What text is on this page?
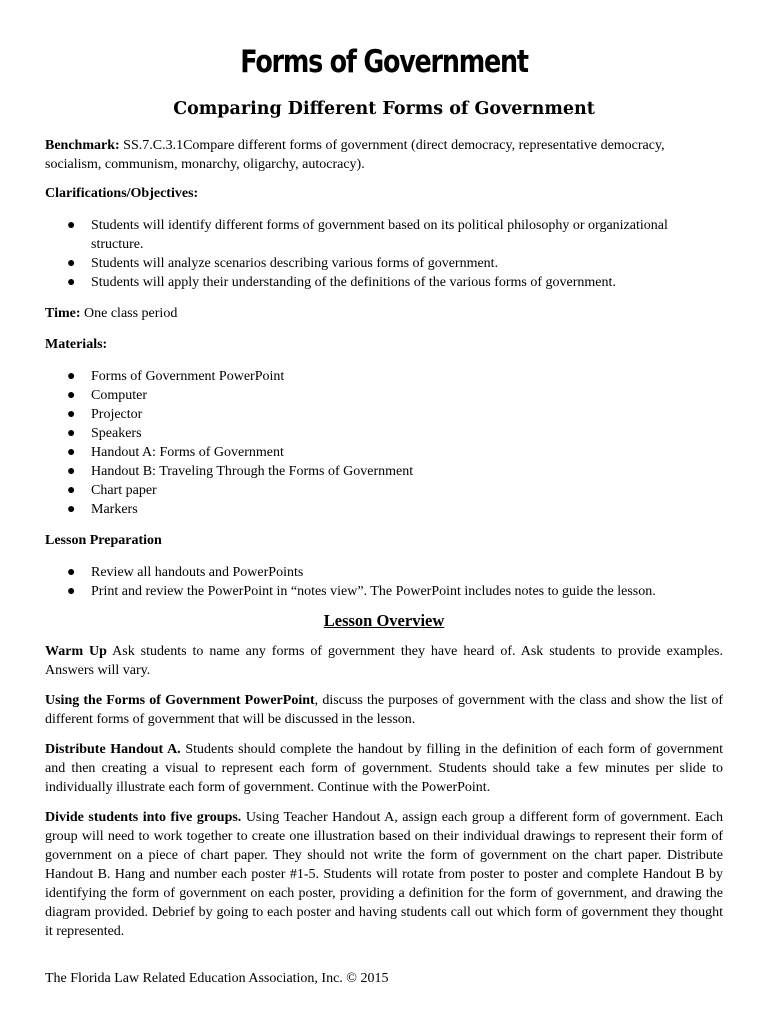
Forms of Government
Comparing Different Forms of Government

Benchmark: SS.7.C.3.1Compare different forms of government (direct democracy, representative democracy, socialism, communism, monarchy, oligarchy, autocracy).

Clarifications/Objectives:

● Students will identify different forms of government based on its political philosophy or organizational structure.
● Students will analyze scenarios describing various forms of government.
● Students will apply their understanding of the definitions of the various forms of government.

Time: One class period

Materials:

● Forms of Government PowerPoint
● Computer
● Projector
● Speakers
● Handout A: Forms of Government
● Handout B: Traveling Through the Forms of Government
● Chart paper
● Markers

Lesson Preparation

● Review all handouts and PowerPoints
● Print and review the PowerPoint in “notes view”. The PowerPoint includes notes to guide the lesson.

Lesson Overview

Warm Up Ask students to name any forms of government they have heard of. Ask students to provide examples. Answers will vary.

Using the Forms of Government PowerPoint, discuss the purposes of government with the class and show the list of different forms of government that will be discussed in the lesson.

Distribute Handout A. Students should complete the handout by filling in the definition of each form of government and then creating a visual to represent each form of government. Students should take a few minutes per slide to individually illustrate each form of government. Continue with the PowerPoint.

Divide students into five groups. Using Teacher Handout A, assign each group a different form of government. Each group will need to work together to create one illustration based on their individual drawings to represent their form of government on a piece of chart paper. They should not write the form of government on the chart paper. Distribute Handout B. Hang and number each poster #1-5. Students will rotate from poster to poster and complete Handout B by identifying the form of government on each poster, providing a definition for the form of government, and drawing the diagram provided. Debrief by going to each poster and having students call out which form of government they thought it represented.

The Florida Law Related Education Association, Inc. © 2015
